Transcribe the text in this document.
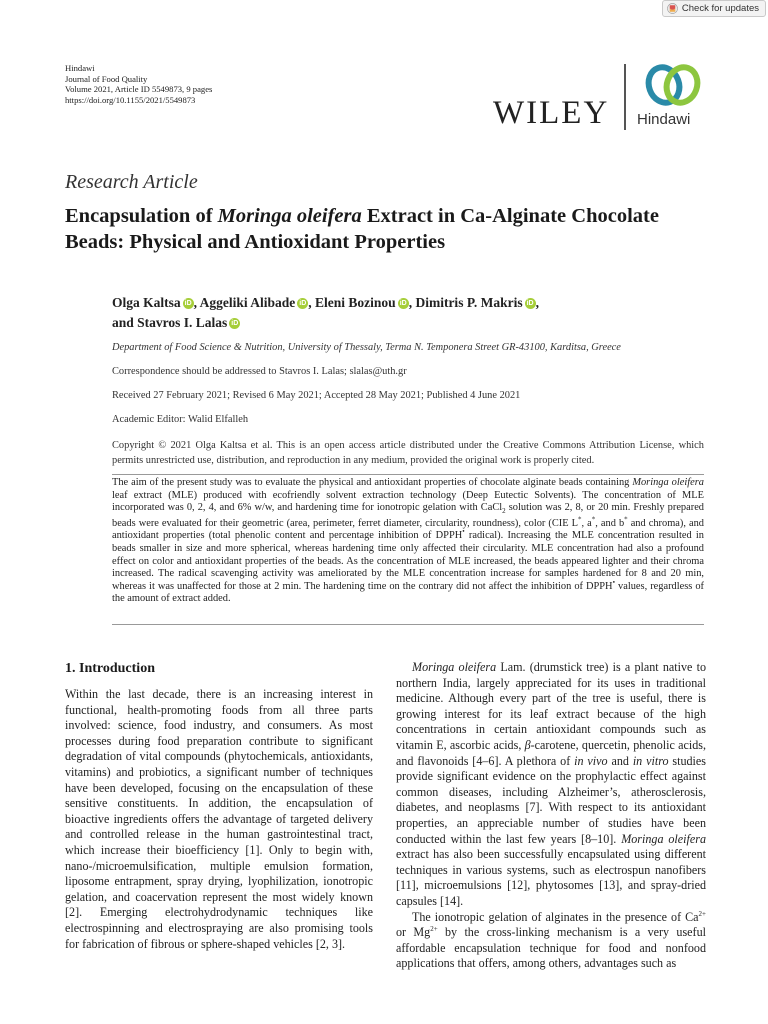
Check for updates
Hindawi
Journal of Food Quality
Volume 2021, Article ID 5549873, 9 pages
https://doi.org/10.1155/2021/5549873	WILEY Hindawi
Research Article
Encapsulation of Moringa oleifera Extract in Ca-Alginate Chocolate Beads: Physical and Antioxidant Properties
Olga Kaltsa iD , Aggeliki Alibade iD , Eleni Bozinou iD , Dimitris P. Makris iD ,
and Stavros I. Lalas iD
Department of Food Science & Nutrition, University of Thessaly, Terma N. Temponera Street GR-43100, Karditsa, Greece
Correspondence should be addressed to Stavros I. Lalas; slalas@uth.gr
Received 27 February 2021; Revised 6 May 2021; Accepted 28 May 2021; Published 4 June 2021
Academic Editor: Walid Elfalleh
Copyright © 2021 Olga Kaltsa et al. This is an open access article distributed under the Creative Commons Attribution License, which permits unrestricted use, distribution, and reproduction in any medium, provided the original work is properly cited.
The aim of the present study was to evaluate the physical and antioxidant properties of chocolate alginate beads containing Moringa oleifera leaf extract (MLE) produced with ecofriendly solvent extraction technology (Deep Eutectic Solvents). The concentration of MLE incorporated was 0, 2, 4, and 6% w/w, and hardening time for ionotropic gelation with CaCl$_2$ solution was 2, 8, or 20 min. Freshly prepared beads were evaluated for their geometric (area, perimeter, ferret diameter, circularity, roundness), color (CIE L*, a*, and b* and chroma), and antioxidant properties (total phenolic content and percentage inhibition of DPPH• radical). Increasing the MLE concentration resulted in beads smaller in size and more spherical, whereas hardening time only affected their circularity. MLE concentration had also a profound effect on color and antioxidant properties of the beads. As the concentration of MLE increased, the beads appeared lighter and their chroma increased. The radical scavenging activity was ameliorated by the MLE concentration increase for samples hardened for 8 and 20 min, whereas it was unaffected for those at 2 min. The hardening time on the contrary did not affect the inhibition of DPPH• values, regardless of the amount of extract added.
1. Introduction

Within the last decade, there is an increasing interest in functional, health-promoting foods from all three parts involved: science, food industry, and consumers. As most processes during food preparation contribute to significant degradation of vital compounds (phytochemicals, antioxidants, vitamins) and probiotics, a significant number of techniques have been developed, focusing on the encapsulation of these sensitive constituents. In addition, the encapsulation of bioactive ingredients offers the advantage of targeted delivery and controlled release in the human gastrointestinal tract, which increase their bioefficiency [1]. Only to begin with, nano-/microemulsification, multiple emulsion formation, liposome entrapment, spray drying, lyophilization, ionotropic gelation, and coacervation represent the most widely known [2]. Emerging electrohydrodynamic techniques like electrospinning and electrospraying are also promising tools for fabrication of fibrous or sphere-shaped vehicles [2, 3].

Moringa oleifera Lam. (drumstick tree) is a plant native to northern India, largely appreciated for its uses in traditional medicine. Although every part of the tree is useful, there is growing interest for its leaf extract because of the high concentrations in certain antioxidant compounds such as vitamin E, ascorbic acids, β-carotene, quercetin, phenolic acids, and flavonoids [4–6]. A plethora of in vivo and in vitro studies provide significant evidence on the prophylactic effect against common diseases, including Alzheimer’s, atherosclerosis, diabetes, and neoplasms [7]. With respect to its antioxidant properties, an appreciable number of studies have been conducted within the last few years [8–10]. Moringa oleifera extract has also been successfully encapsulated using different techniques in various systems, such as electrospun nanofibers [11], microemulsions [12], phytosomes [13], and spray-dried capsules [14].

The ionotropic gelation of alginates in the presence of $Ca^{2+}$ or $Mg^{2+}$ by the cross-linking mechanism is a very useful affordable encapsulation technique for food and nonfood applications that offers, among others, advantages such as
